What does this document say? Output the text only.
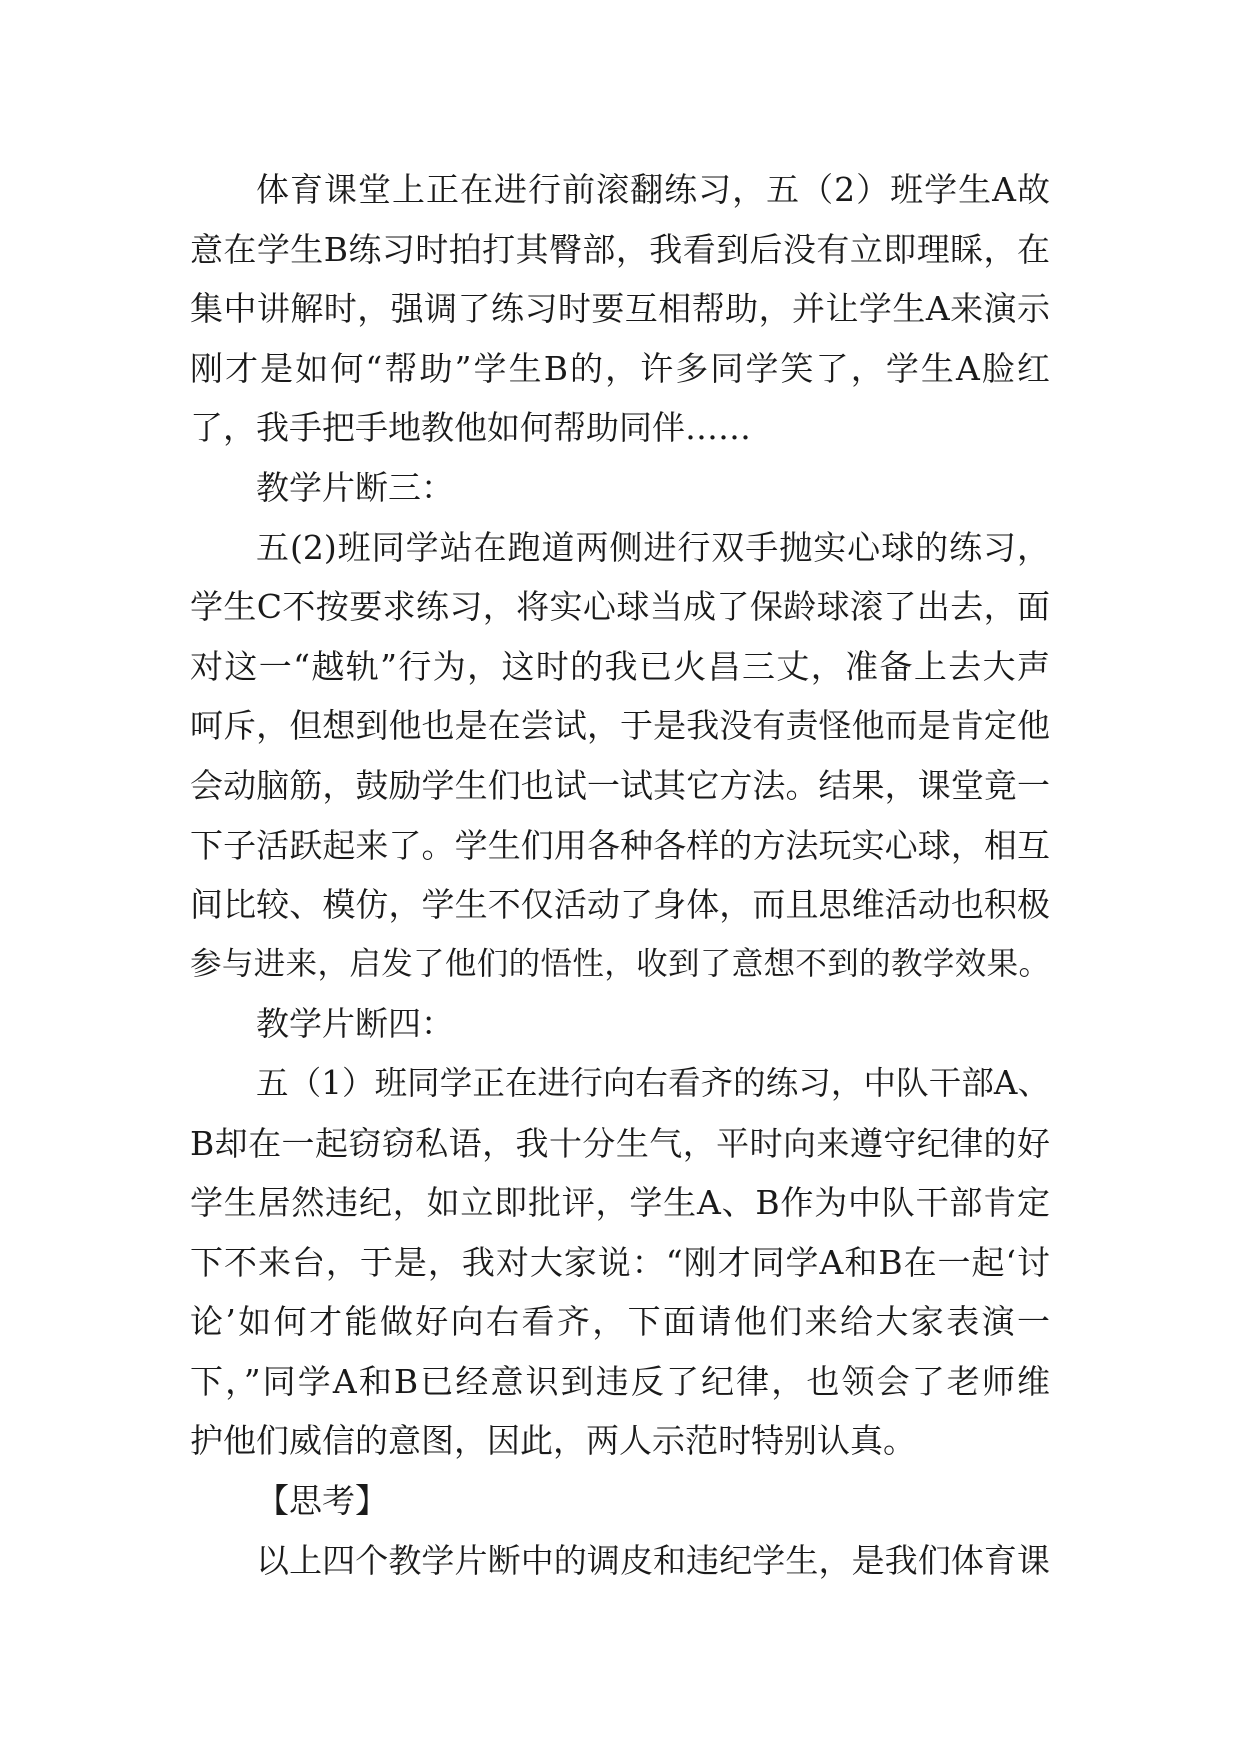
体育课堂上正在进行前滚翻练习，五（2）班学生A故
意在学生B练习时拍打其臀部，我看到后没有立即理睬，在
集中讲解时，强调了练习时要互相帮助，并让学生A来演示
刚才是如何“帮助”学生B的，许多同学笑了，学生A脸红
了，我手把手地教他如何帮助同伴……
教学片断三：
五(2)班同学站在跑道两侧进行双手抛实心球的练习，
学生C不按要求练习，将实心球当成了保龄球滚了出去，面
对这一“越轨”行为，这时的我已火昌三丈，准备上去大声
呵斥，但想到他也是在尝试，于是我没有责怪他而是肯定他
会动脑筋，鼓励学生们也试一试其它方法。结果，课堂竟一
下子活跃起来了。学生们用各种各样的方法玩实心球，相互
间比较、模仿，学生不仅活动了身体，而且思维活动也积极
参与进来，启发了他们的悟性，收到了意想不到的教学效果。
教学片断四：
五（1）班同学正在进行向右看齐的练习，中队干部A、
B却在一起窃窃私语，我十分生气，平时向来遵守纪律的好
学生居然违纪，如立即批评，学生A、B作为中队干部肯定
下不来台，于是，我对大家说：“刚才同学A和B在一起‘讨
论’如何才能做好向右看齐，下面请他们来给大家表演一
下，”同学A和B已经意识到违反了纪律，也领会了老师维
护他们威信的意图，因此，两人示范时特别认真。
【思考】
以上四个教学片断中的调皮和违纪学生，是我们体育课
